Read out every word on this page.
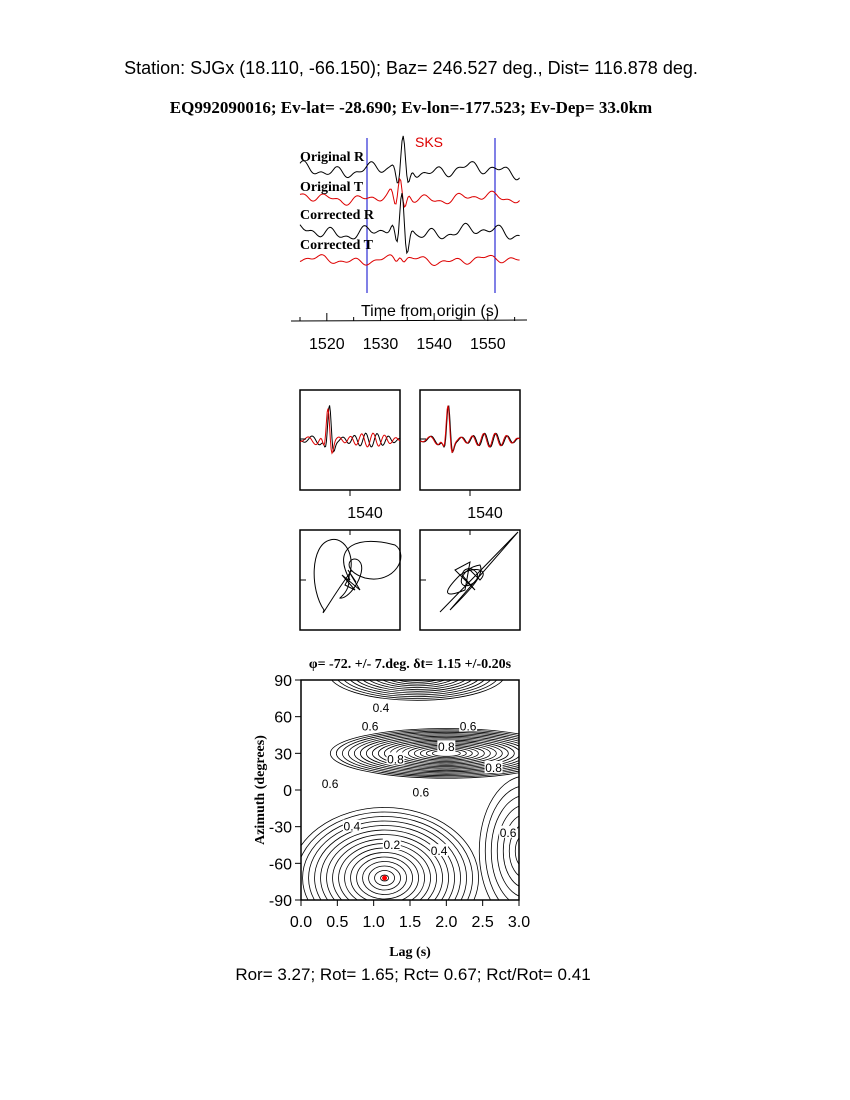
Station: SJGx (18.110, -66.150); Baz= 246.527 deg., Dist= 116.878 deg.
EQ992090016; Ev-lat= -28.690; Ev-lon=-177.523; Ev-Dep= 33.0km
SKS
Original R
Original T
Corrected R
Corrected T
Time from origin (s)
1520 1530 1540 1550
1540	1540
0.4
0.6	0.6
0.8
0.8
0.8
0.6
0.6
0.4
0.2	0.4
0.6
φ= -72. +/- 7.deg. δt= 1.15 +/-0.20s
0.0 0.5 1.0 1.5 2.0 2.5 3.0
90
60
30
0
-30
-60
-90
Azimuth (degrees)
Lag (s)
Ror= 3.27; Rot= 1.65; Rct= 0.67; Rct/Rot= 0.41
